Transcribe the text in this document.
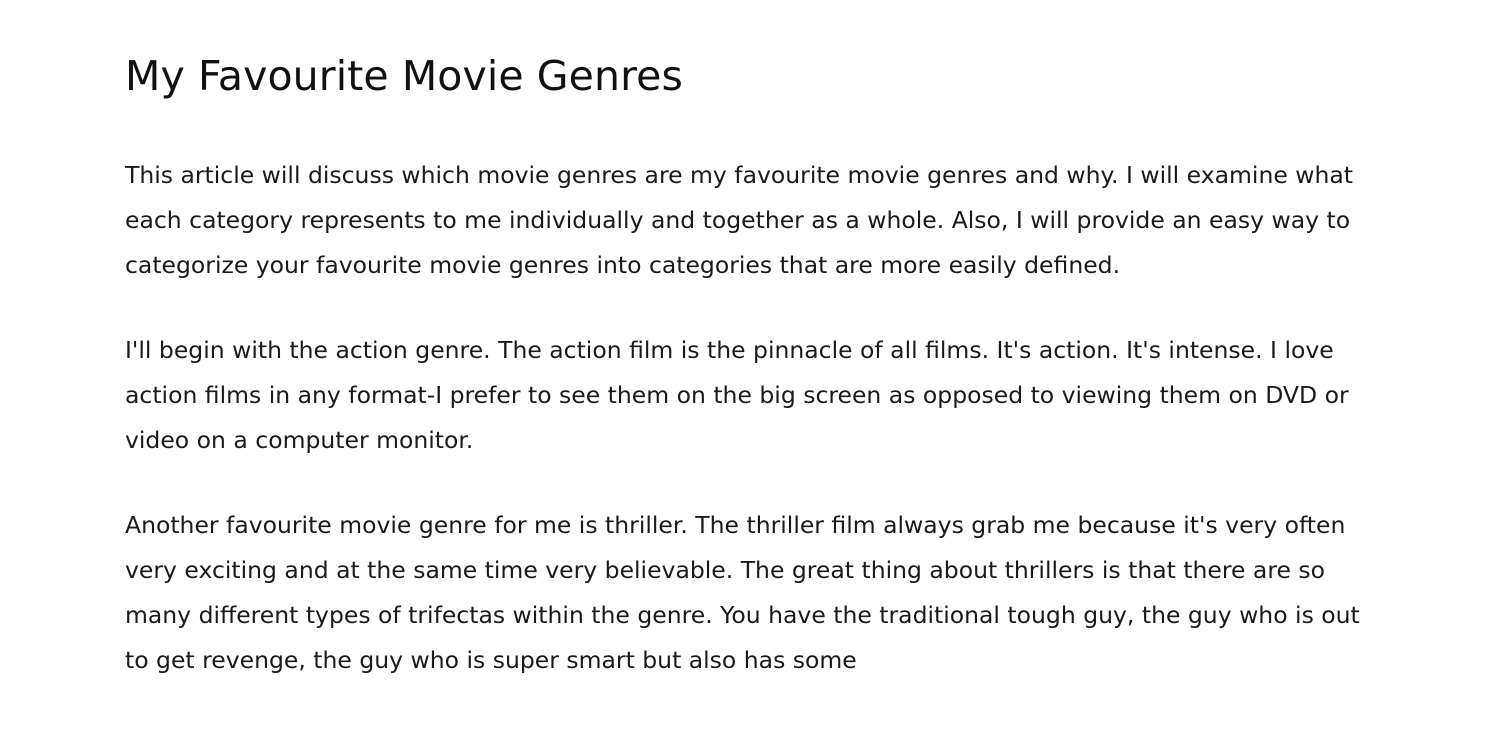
My Favourite Movie Genres

This article will discuss which movie genres are my favourite movie genres and why. I will examine what each category represents to me individually and together as a whole. Also, I will provide an easy way to categorize your favourite movie genres into categories that are more easily defined.

I'll begin with the action genre. The action film is the pinnacle of all films. It's action. It's intense. I love action films in any format-I prefer to see them on the big screen as opposed to viewing them on DVD or video on a computer monitor.

Another favourite movie genre for me is thriller. The thriller film always grab me because it's very often very exciting and at the same time very believable. The great thing about thrillers is that there are so many different types of trifectas within the genre. You have the traditional tough guy, the guy who is out to get revenge, the guy who is super smart but also has some
